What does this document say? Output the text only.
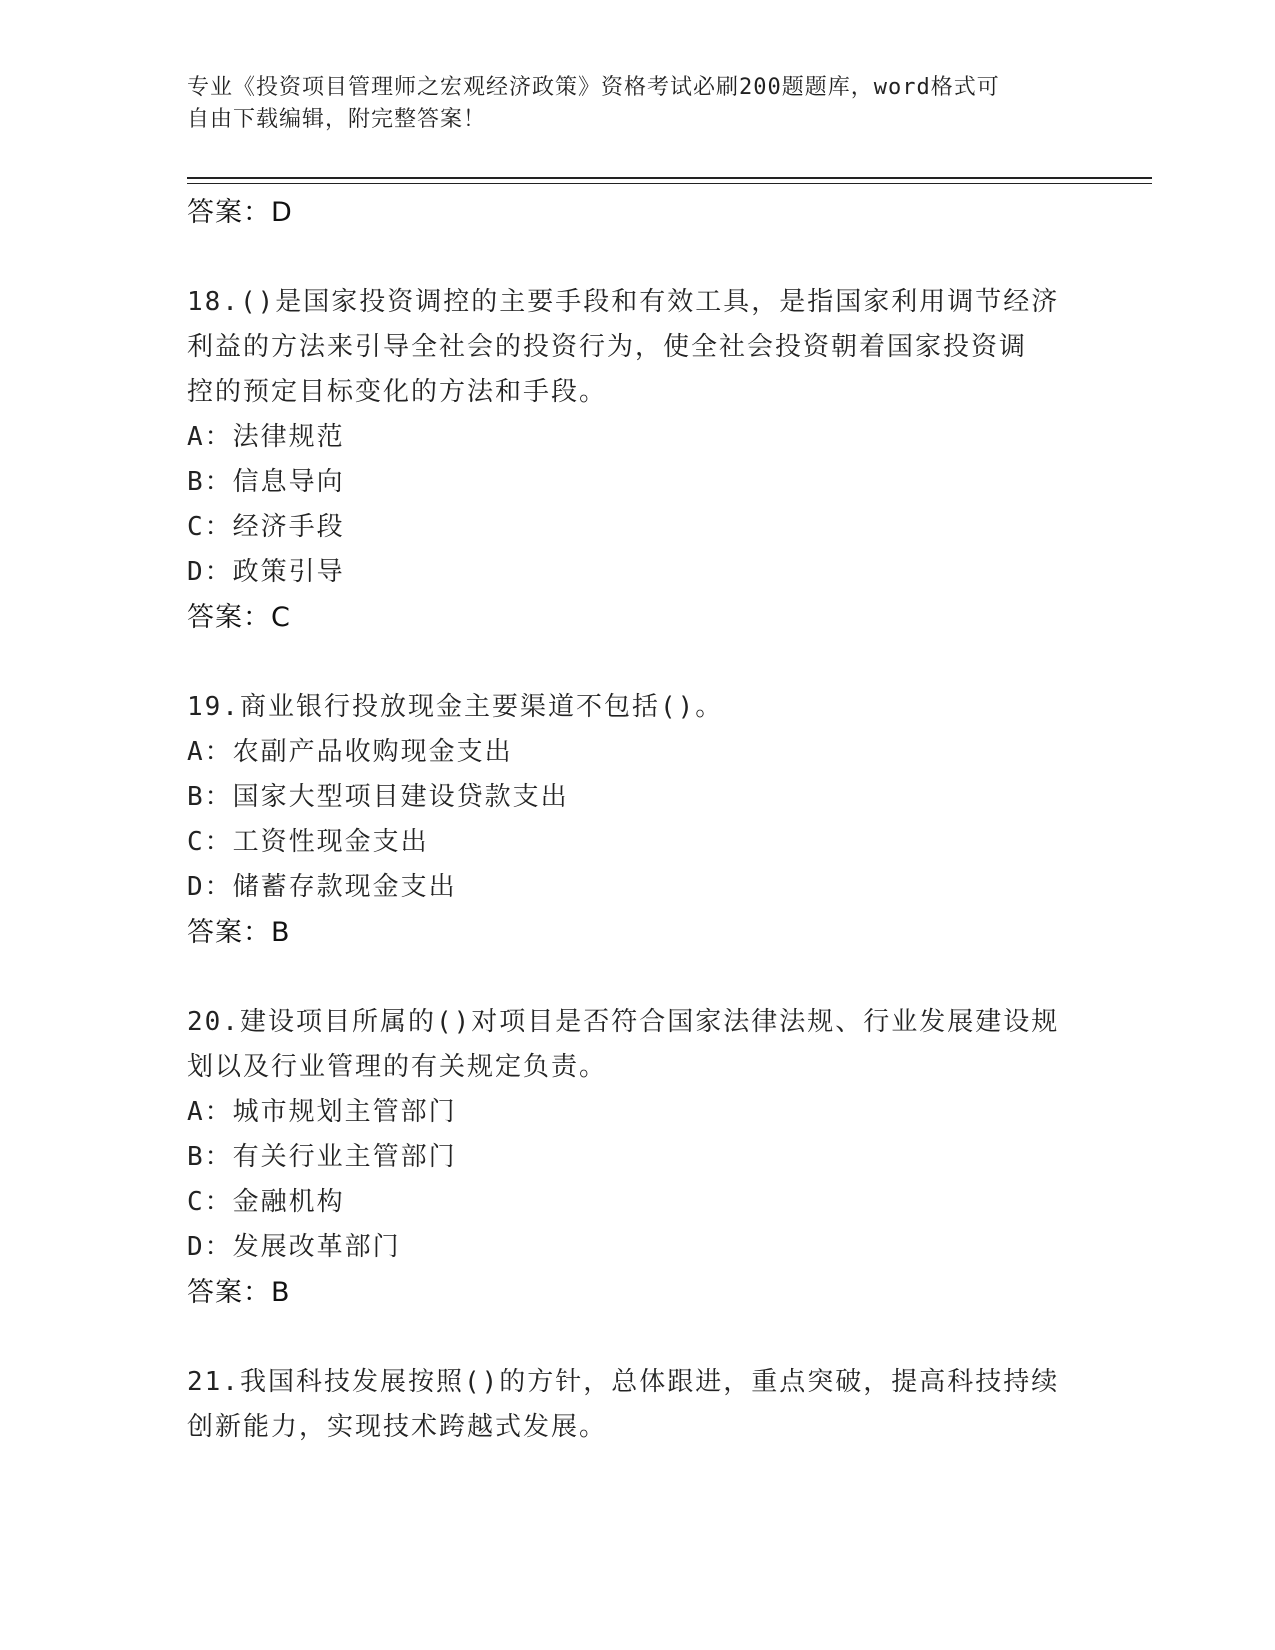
专业《投资项目管理师之宏观经济政策》资格考试必刷200题题库，word格式可
自由下载编辑，附完整答案！
答案：D
18.()是国家投资调控的主要手段和有效工具，是指国家利用调节经济
利益的方法来引导全社会的投资行为，使全社会投资朝着国家投资调
控的预定目标变化的方法和手段。
A：法律规范
B：信息导向
C：经济手段
D：政策引导
答案：C
19.商业银行投放现金主要渠道不包括()。
A：农副产品收购现金支出
B：国家大型项目建设贷款支出
C：工资性现金支出
D：储蓄存款现金支出
答案：B
20.建设项目所属的()对项目是否符合国家法律法规、行业发展建设规
划以及行业管理的有关规定负责。
A：城市规划主管部门
B：有关行业主管部门
C：金融机构
D：发展改革部门
答案：B
21.我国科技发展按照()的方针，总体跟进，重点突破，提高科技持续
创新能力，实现技术跨越式发展。
